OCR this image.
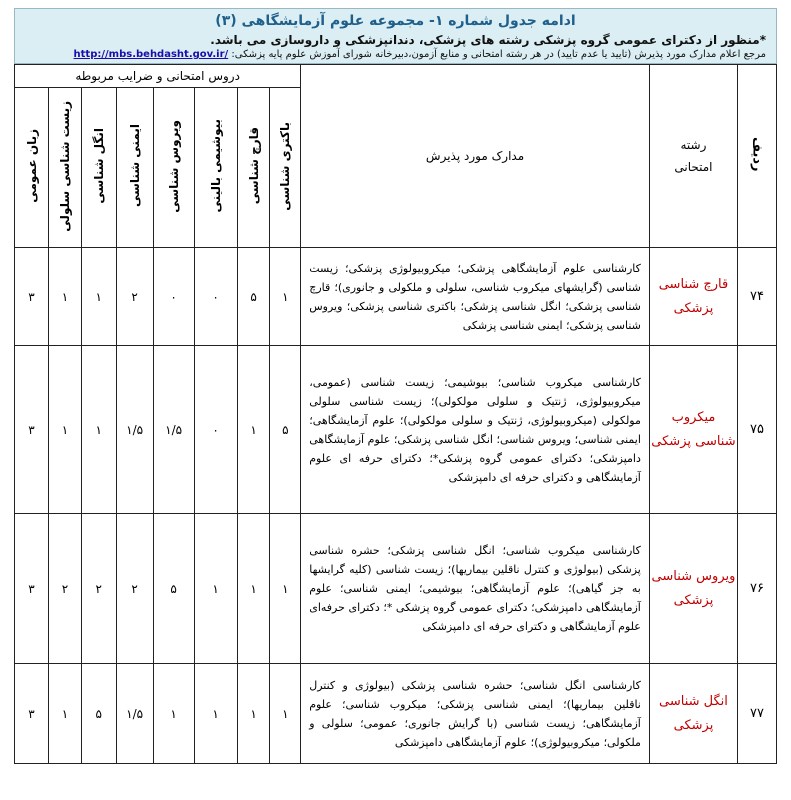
ادامه جدول شماره ۱- مجموعه علوم آزمایشگاهی (۳)

*منظور از دکترای عمومی گروه پزشکی رشته های پزشکی، دندانپزشکی و داروسازی می باشد.

مرجع اعلام مدارک مورد پذیرش (تایید یا عدم تایید) در هر رشته امتحانی و منابع آزمون،دبیرخانه شورای آموزش علوم پایه پزشکی: http://mbs.behdasht.gov.ir/

ردیف	رشته امتحانی	مدارک مورد پذیرش	دروس امتحانی و ضرایب مربوطه							
			باکتری شناسی	قارچ شناسی	بیوشیمی بالینی	ویروس شناسی	ایمنی شناسی	انگل شناسی	زیست شناسی سلولی	زبان عمومی
۷۴	قارچ شناسی پزشکی	کارشناسی علوم آزمایشگاهی پزشکی؛ میکروبیولوژی پزشکی؛ زیست شناسی (گرایشهای میکروب شناسی، سلولی و ملکولی و جانوری)؛ قارچ شناسی پزشکی؛ انگل شناسی پزشکی؛ باکتری شناسی پزشکی؛ ویروس شناسی پزشکی؛ ایمنی شناسی پزشکی	۱	۵	۰	۰	۲	۱	۱	۳
۷۵	میکروب شناسی پزشکی	کارشناسی میکروب شناسی؛ بیوشیمی؛ زیست شناسی (عمومی، میکروبیولوژی، ژنتیک و سلولی مولکولی)؛ زیست شناسی سلولی مولکولی (میکروبیولوژی، ژنتیک و سلولی مولکولی)؛ علوم آزمایشگاهی؛ ایمنی شناسی؛ ویروس شناسی؛ انگل شناسی پزشکی؛ علوم آزمایشگاهی دامپزشکی؛ دکترای عمومی گروه پزشکی*؛ دکترای حرفه ای علوم آزمایشگاهی و دکترای حرفه ای دامپزشکی	۵	۱	۰	۱/۵	۱/۵	۱	۱	۳
۷۶	ویروس شناسی پزشکی	کارشناسی میکروب شناسی؛ انگل شناسی پزشکی؛ حشره شناسی پزشکی (بیولوژی و کنترل ناقلین بیماریها)؛ زیست شناسی (کلیه گرایشها به جز گیاهی)؛ علوم آزمایشگاهی؛ بیوشیمی؛ ایمنی شناسی؛ علوم آزمایشگاهی دامپزشکی؛ دکترای عمومی گروه پزشکی *؛ دکترای حرفه‌ای علوم آزمایشگاهی و دکترای حرفه ای دامپزشکی	۱	۱	۱	۵	۲	۲	۲	۳
۷۷	انگل شناسی پزشکی	کارشناسی انگل شناسی؛ حشره شناسی پزشکی (بیولوژی و کنترل ناقلین بیماریها)؛ ایمنی شناسی پزشکی؛ میکروب شناسی؛ علوم آزمایشگاهی؛ زیست شناسی (با گرایش جانوری؛ عمومی؛ سلولی و ملکولی؛ میکروبیولوژی)؛ علوم آزمایشگاهی دامپزشکی	۱	۱	۱	۱	۱/۵	۵	۱	۳
